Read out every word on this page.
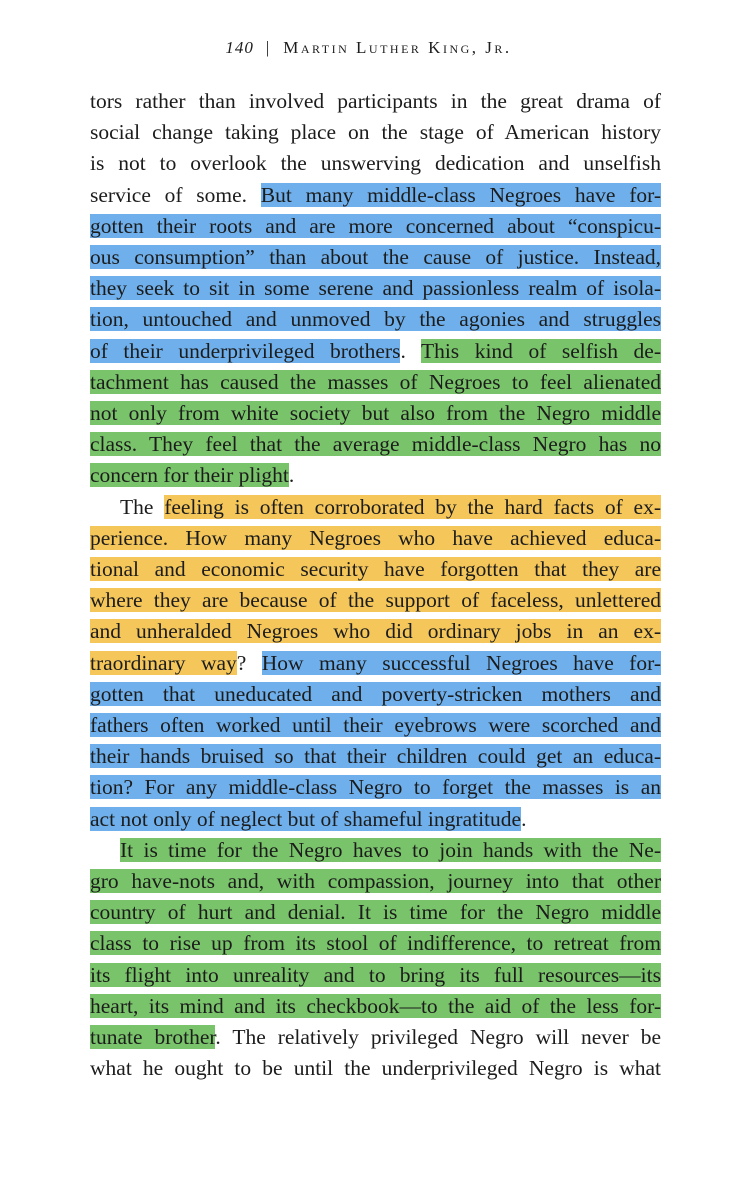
140 | Martin Luther King, Jr.
tors rather than involved participants in the great drama of
social change taking place on the stage of American history
is not to overlook the unswerving dedication and unselfish
service of some. But many middle-class Negroes have for-
gotten their roots and are more concerned about “conspicu-
ous consumption” than about the cause of justice. Instead,
they seek to sit in some serene and passionless realm of isola-
tion, untouched and unmoved by the agonies and struggles
of their underprivileged brothers. This kind of selfish de-
tachment has caused the masses of Negroes to feel alienated
not only from white society but also from the Negro middle
class. They feel that the average middle-class Negro has no
concern for their plight.
The feeling is often corroborated by the hard facts of ex-
perience. How many Negroes who have achieved educa-
tional and economic security have forgotten that they are
where they are because of the support of faceless, unlettered
and unheralded Negroes who did ordinary jobs in an ex-
traordinary way? How many successful Negroes have for-
gotten that uneducated and poverty-stricken mothers and
fathers often worked until their eyebrows were scorched and
their hands bruised so that their children could get an educa-
tion? For any middle-class Negro to forget the masses is an
act not only of neglect but of shameful ingratitude.
It is time for the Negro haves to join hands with the Ne-
gro have-nots and, with compassion, journey into that other
country of hurt and denial. It is time for the Negro middle
class to rise up from its stool of indifference, to retreat from
its flight into unreality and to bring its full resources—its
heart, its mind and its checkbook—to the aid of the less for-
tunate brother. The relatively privileged Negro will never be
what he ought to be until the underprivileged Negro is what
